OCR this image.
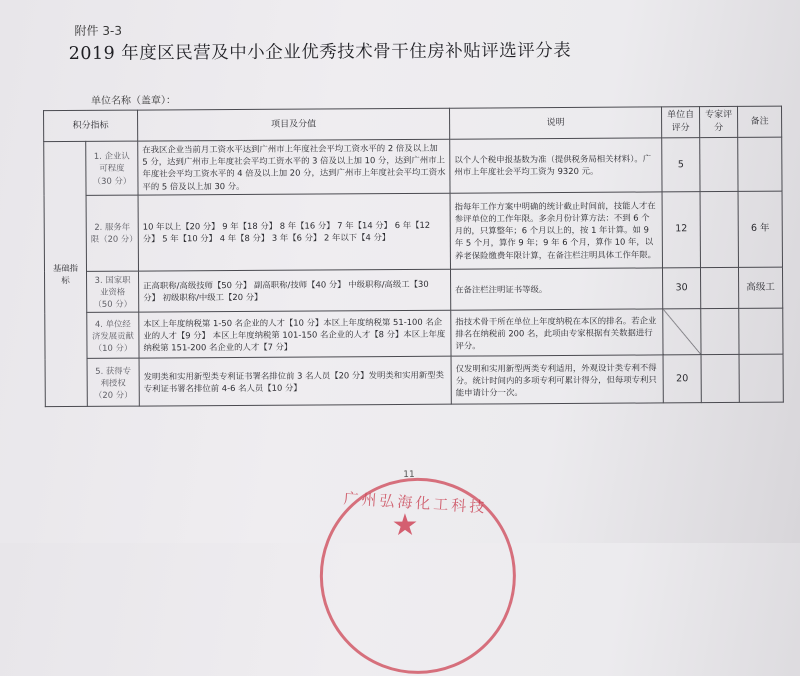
附件 3-3
2019 年度区民营及中小企业优秀技术骨干住房补贴评选评分表
单位名称（盖章）：
积分指标		项目及分值	说明	单位自评分	专家评分	备注
基础指标	1. 企业认可程度（30 分）	在我区企业当前月工资水平达到广州市上年度社会平均工资水平的 2 倍及以上加 5 分，达到广州市上年度社会平均工资水平的 3 倍及以上加 10 分，达到广州市上年度社会平均工资水平的 4 倍及以上加 20 分，达到广州市上年度社会平均工资水平的 5 倍及以上加 30 分。	以个人个税申报基数为准（提供税务局相关材料）。广州市上年度社会平均工资为 9320 元。	5		
	2. 服务年限（20 分）	10 年以上【20 分】 9 年【18 分】 8 年【16 分】 7 年【14 分】 6 年【12 分】 5 年【10 分】 4 年【8 分】 3 年【6 分】 2 年以下【4 分】	指每年工作方案中明确的统计截止时间前，技能人才在参评单位的工作年限。多余月份计算方法：不到 6 个月的，只算整年；6 个月以上的，按 1 年计算。如 9 年 5 个月，算作 9 年；9 年 6 个月，算作 10 年，以养老保险缴费年限计算，在备注栏注明具体工作年限。	12		6 年
	3. 国家职业资格（50 分）	正高职称/高级技师【50 分】 副高职称/技师【40 分】 中级职称/高级工【30 分】 初级职称/中级工【20 分】	在备注栏注明证书等级。	30		高级工
	4. 单位经济发展贡献（10 分）	本区上年度纳税第 1-50 名企业的人才【10 分】本区上年度纳税第 51-100 名企业的人才【9 分】 本区上年度纳税第 101-150 名企业的人才【8 分】本区上年度纳税第 151-200 名企业的人才【7 分】	指技术骨干所在单位上年度纳税在本区的排名。若企业排名在纳税前 200 名，此项由专家根据有关数据进行评分。			
	5. 获得专利授权（20 分）	发明类和实用新型类专利证书署名排位前 3 名人员【20 分】发明类和实用新型类专利证书署名排位前 4-6 名人员【10 分】	仅发明和实用新型两类专利适用，外观设计类专利不得分。统计时间内的多项专利可累计得分，但每项专利只能申请计分一次。	20		
11
广州弘海化工科技
★
